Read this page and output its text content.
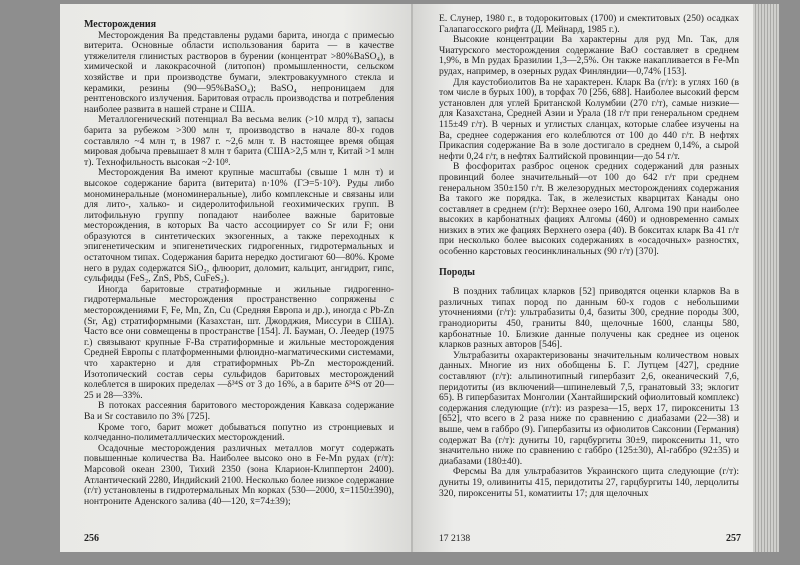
Месторождения

Месторождения Ва представлены рудами барита, иногда с примесью витерита. Основные области использования барита — в качестве утяжелителя глинистых растворов в бурении (концентрат >80%BaSO₄), в химической и лакокрасочной (литопон) промышленности, сельском хозяйстве и при производстве бумаги, электровакуумного стекла и керамики, резины (90—95%BaSO₄); BaSO₄ непроницаем для рентгеновского излучения. Баритовая отрасль производства и потребления наиболее развита в нашей стране и США.

Металлогенический потенциал Ва весьма велик (>10 млрд т), запасы барита за рубежом >300 млн т, производство в начале 80-х годов составляло ~4 млн т, в 1987 г. ~2,6 млн т. В настоящее время общая мировая добыча превышает 8 млн т барита (США>2,5 млн т, Китай >1 млн т). Технофильность высокая ~2·10⁸.

Месторождения Ва имеют крупные масштабы (свыше 1 млн т) и высокое содержание барита (витерита) n·10% (ГЭ=5·10³). Руды либо мономинеральные (мономинеральные), либо комплексные и связаны или для лито-, халько- и сидеролитофильной геохимических групп. В литофильную группу попадают наиболее важные баритовые месторождения, в которых Ва часто ассоциирует со Sr или F; они образуются в синтетических экзогенных, а также переходных к эпигенетическим и эпигенетических гидрогенных, гидротермальных и остаточном типах. Содержания барита нередко достигают 60—80%. Кроме него в рудах содержатся SiO₂, флюорит, доломит, кальцит, ангидрит, гипс, сульфиды (FeS₂, ZnS, PbS, CuFeS₂).

Иногда баритовые стратиформные и жильные гидрогенно-гидротермальные месторождения пространственно сопряжены с месторождениями F, Fe, Mn, Zn, Cu (Средняя Европа и др.), иногда с Pb-Zn (Sr, Ag) стратиформными (Казахстан, шт. Джорджия, Миссури в США). Часто все они совмещены в пространстве [154]. Л. Бауман, О. Леедер (1975 г.) связывают крупные F-Ва стратиформные и жильные месторождения Средней Европы с платформенными флюидно-магматическими системами, что характерно и для стратиформных Pb-Zn месторождений. Изотопический состав серы сульфидов баритовых месторождений колеблется в широких пределах —δ³⁴S от 3 до 16%, а в барите δ³⁴S от 20—25 и 28—33%.

В потоках рассеяния баритового месторождения Кавказа содержание Ва и Sr составило по 3% [725].

Кроме того, барит может добываться попутно из стронциевых и колчеданно-полиметаллических месторождений.

Осадочные месторождения различных металлов могут содержать повышенные количества Ва. Наиболее высоко оно в Fe-Mn рудах (г/т): Марсовой океан 2300, Тихий 2350 (зона Кларион-Клиппертон 2400). Атлантический 2280, Индийский 2100. Несколько более низкое содержание (г/т) установлены в гидротермальных Mn корках (530—2000, x̄=1150±390), нонтроните Аденского залива (40—120, x̄=74±39);

256

Е. Слунер, 1980 г., в тодорокитовых (1700) и смектитовых (250) осадках Галапагосского рифта (Д. Мейнард, 1985 г.).

Высокие концентрации Ва характерны для руд Mn. Так, для Чиатурского месторождения содержание BaO составляет в среднем 1,9%, в Mn рудах Бразилии 1,3—2,5%. Он также накапливается в Fe-Mn рудах, например, в озерных рудах Финляндии—0,74% [153].

Для каустобиолитов Ва не характерен. Кларк Ва (г/т): в углях 160 (в том числе в бурых 100), в торфах 70 [256, 688]. Наиболее высокий ферсм установлен для углей Британской Колумбии (270 г/т), самые низкие—для Казахстана, Средней Азии и Урала (18 г/т при генеральном среднем 115±49 г/т). В черных и углистых сланцах, которые слабее изучены на Ва, среднее содержания его колеблются от 100 до 440 г/т. В нефтях Прикаспия содержание Ва в золе достигало в среднем 0,14%, а сырой нефти 0,24 г/т, в нефтях Балтийской провинции—до 54 г/т.

В фосфоритах разброс оценок средних содержаний для разных провинций более значительный—от 100 до 642 г/т при среднем генеральном 350±150 г/т. В железорудных месторождениях содержания Ва такого же порядка. Так, в железистых кварцитах Канады оно составляет в среднем (г/т): Верхнее озеро 160, Алгома 190 при наиболее высоких в карбонатных фациях Алгомы (460) и одновременно самых низких в этих же фациях Верхнего озера (40). В бокситах кларк Ва 41 г/т при несколько более высоких содержаниях в «осадочных» разностях, особенно карстовых геосинклинальных (90 г/т) [370].

Породы

В поздних таблицах кларков [52] приводятся оценки кларков Ва в различных типах пород по данным 60-х годов с небольшими уточнениями (г/т): ультрабазиты 0,4, базиты 300, средние породы 300, гранодиориты 450, граниты 840, щелочные 1600, сланцы 580, карбонатные 10. Близкие данные получены как среднее из оценок кларков разных авторов [546].

Ультрабазиты охарактеризованы значительным количеством новых данных. Многие из них обобщены Б. Г. Лутцем [427], средние составляют (г/т): альпинотипный гипербазит 2,6, океанический 7,6, перидотиты (из включений—шпинелевый 7,5, гранатовый 33; эклогит 65). В гипербазитах Монголии (Хантайширский офиолитовый комплекс) содержания следующие (г/т): из разреза—15, верх 17, пироксениты 13 [652], что всего в 2 раза ниже по сравнению с диабазами (22—38) и выше, чем в габбро (9). Гипербазиты из офиолитов Саксонии (Германия) содержат Ва (г/т): дуниты 10, гарцбургиты 30±9, пироксениты 11, что значительно ниже по сравнению с габбро (125±30), Al-габбро (92±35) и диабазами (180±40).

Ферсмы Ва для ультрабазитов Украинского щита следующие (г/т): дуниты 19, оливиниты 415, перидотиты 27, гарцбургиты 140, лерцолиты 320, пироксениты 51, коматииты 17; для щелочных

17 2138	257
